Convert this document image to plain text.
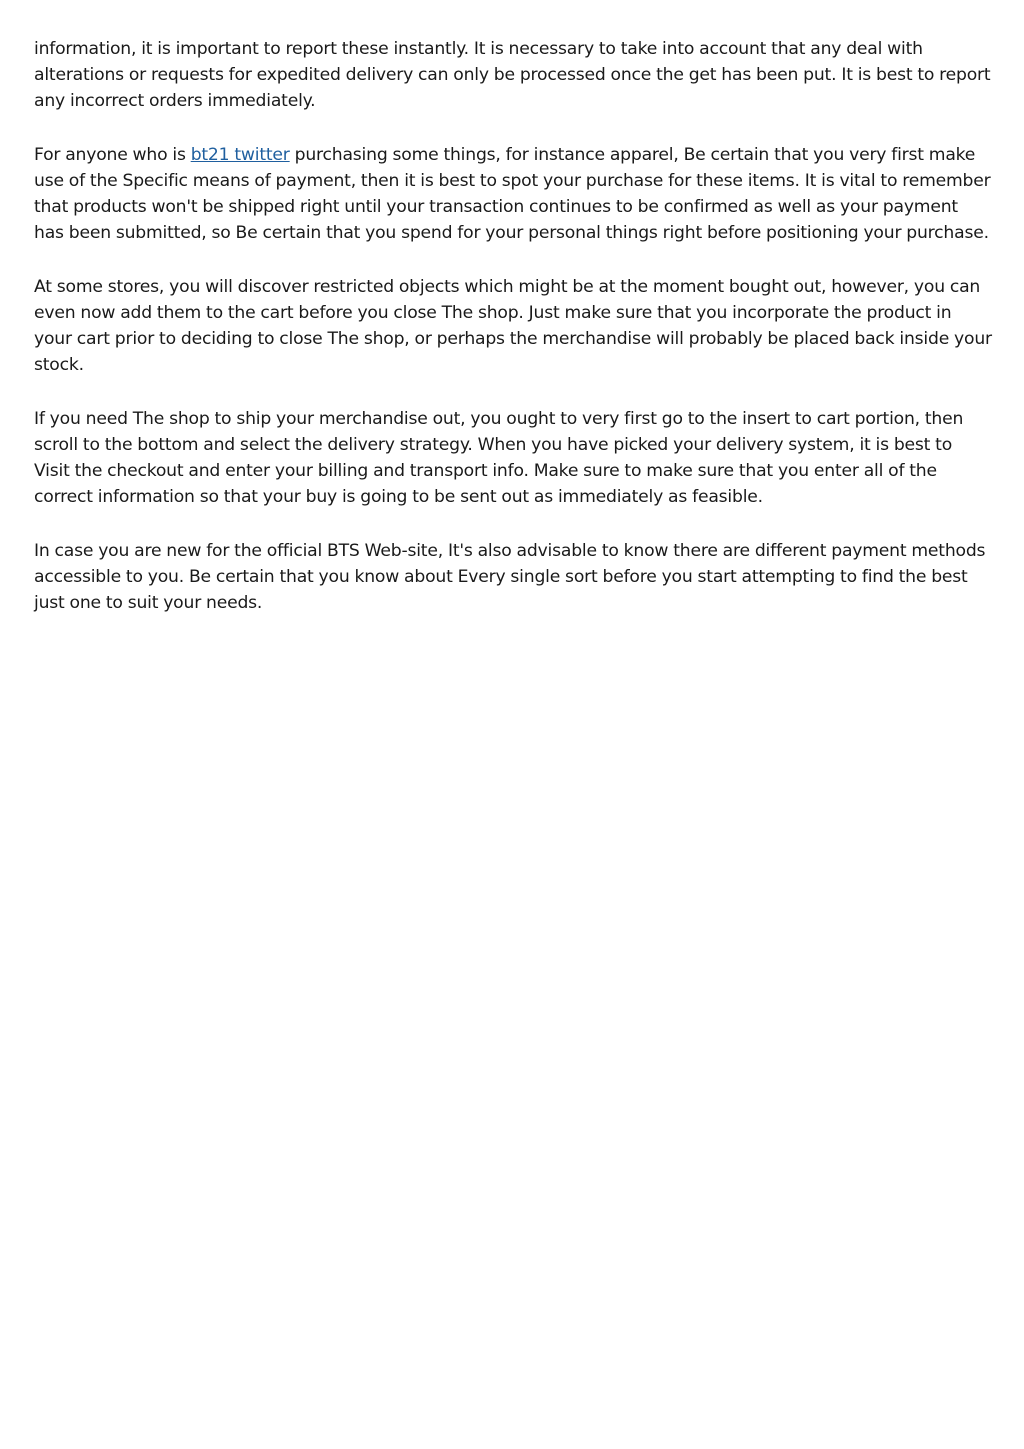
information, it is important to report these instantly. It is necessary to take into account that any deal with alterations or requests for expedited delivery can only be processed once the get has been put. It is best to report any incorrect orders immediately.

For anyone who is bt21 twitter purchasing some things, for instance apparel, Be certain that you very first make use of the Specific means of payment, then it is best to spot your purchase for these items. It is vital to remember that products won't be shipped right until your transaction continues to be confirmed as well as your payment has been submitted, so Be certain that you spend for your personal things right before positioning your purchase.

At some stores, you will discover restricted objects which might be at the moment bought out, however, you can even now add them to the cart before you close The shop. Just make sure that you incorporate the product in your cart prior to deciding to close The shop, or perhaps the merchandise will probably be placed back inside your stock.

If you need The shop to ship your merchandise out, you ought to very first go to the insert to cart portion, then scroll to the bottom and select the delivery strategy. When you have picked your delivery system, it is best to Visit the checkout and enter your billing and transport info. Make sure to make sure that you enter all of the correct information so that your buy is going to be sent out as immediately as feasible.

In case you are new for the official BTS Web-site, It's also advisable to know there are different payment methods accessible to you. Be certain that you know about Every single sort before you start attempting to find the best just one to suit your needs.
